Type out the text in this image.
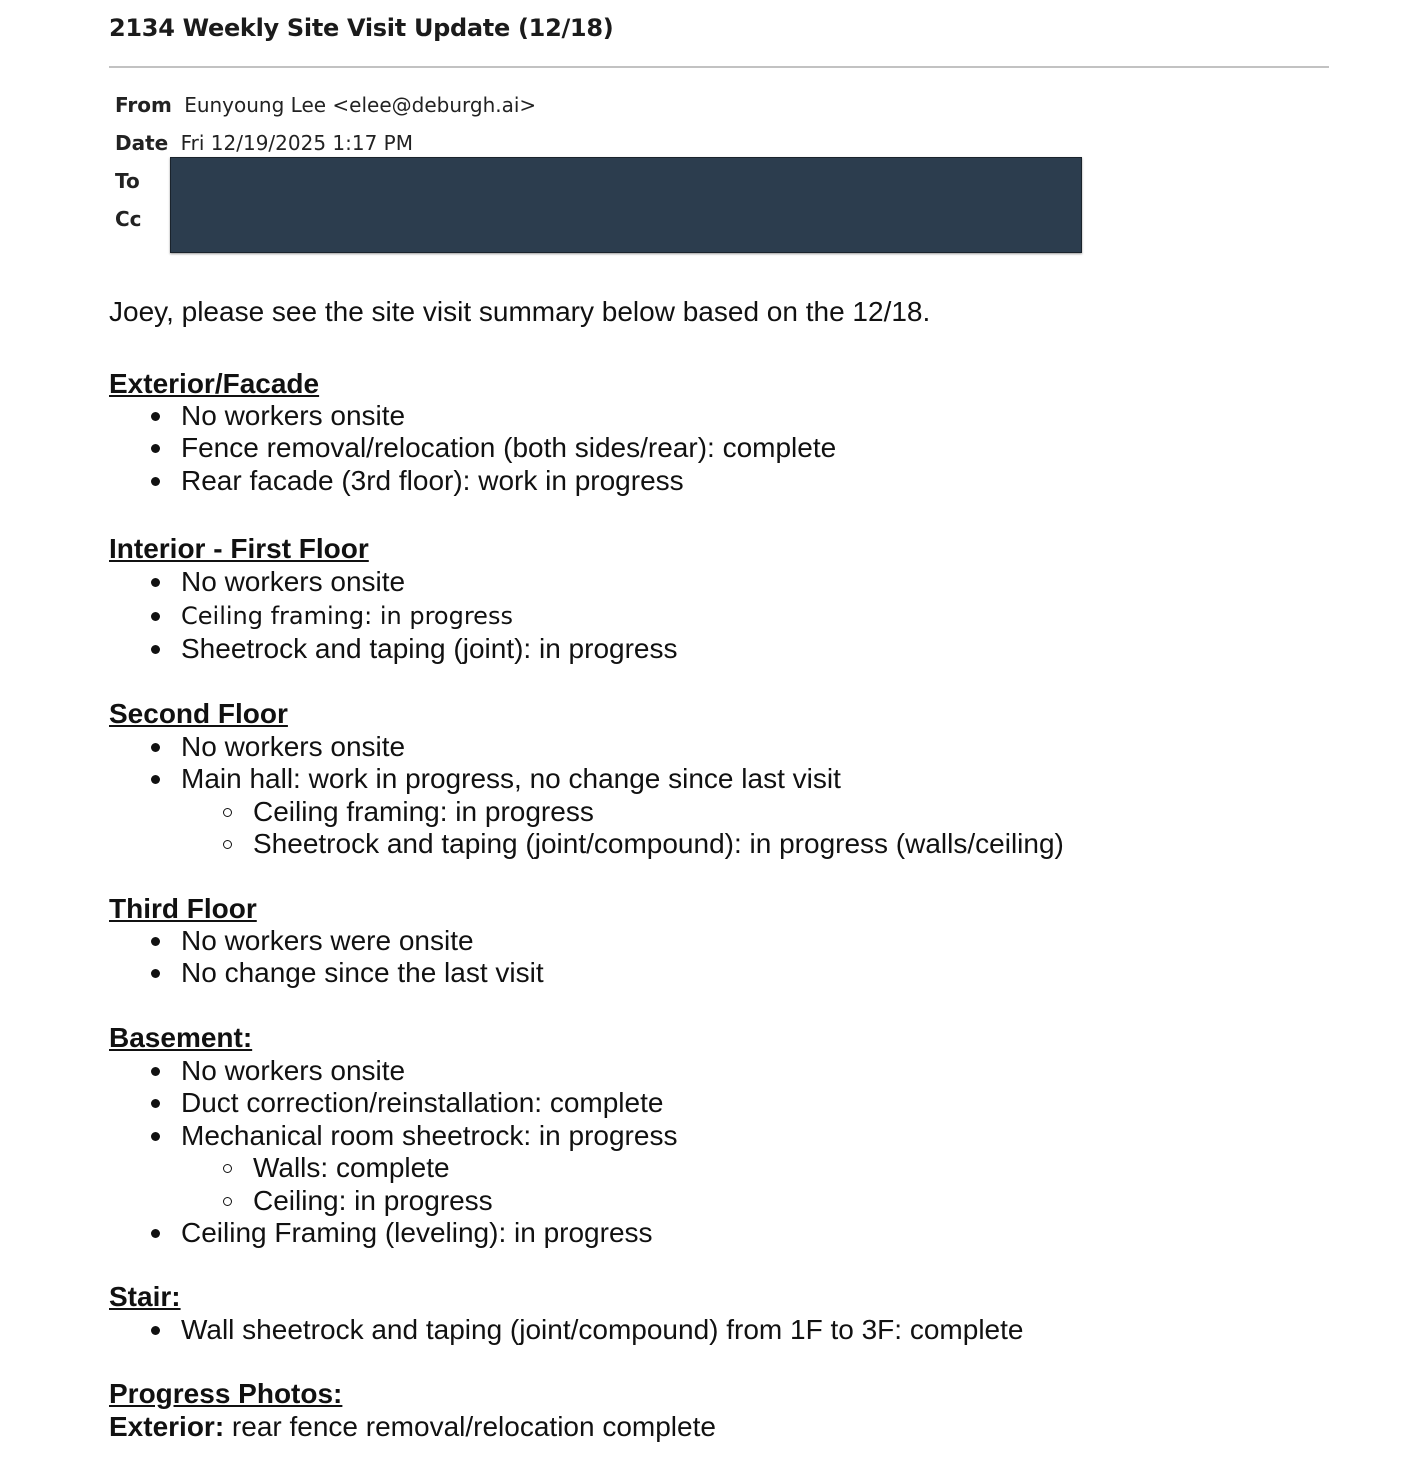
2134 Weekly Site Visit Update (12/18)
From Eunyoung Lee <elee@deburgh.ai>
Date Fri 12/19/2025 1:17 PM
To
Cc
Joey, please see the site visit summary below based on the 12/18.
Exterior/Facade
No workers onsite
Fence removal/relocation (both sides/rear): complete
Rear facade (3rd floor): work in progress
Interior - First Floor
No workers onsite
Ceiling framing: in progress
Sheetrock and taping (joint): in progress
Second Floor
No workers onsite
Main hall: work in progress, no change since last visit
Ceiling framing: in progress
Sheetrock and taping (joint/compound): in progress (walls/ceiling)
Third Floor
No workers were onsite
No change since the last visit
Basement:
No workers onsite
Duct correction/reinstallation: complete
Mechanical room sheetrock: in progress
Walls: complete
Ceiling: in progress
Ceiling Framing (leveling): in progress
Stair:
Wall sheetrock and taping (joint/compound) from 1F to 3F: complete
Progress Photos:
Exterior: rear fence removal/relocation complete
